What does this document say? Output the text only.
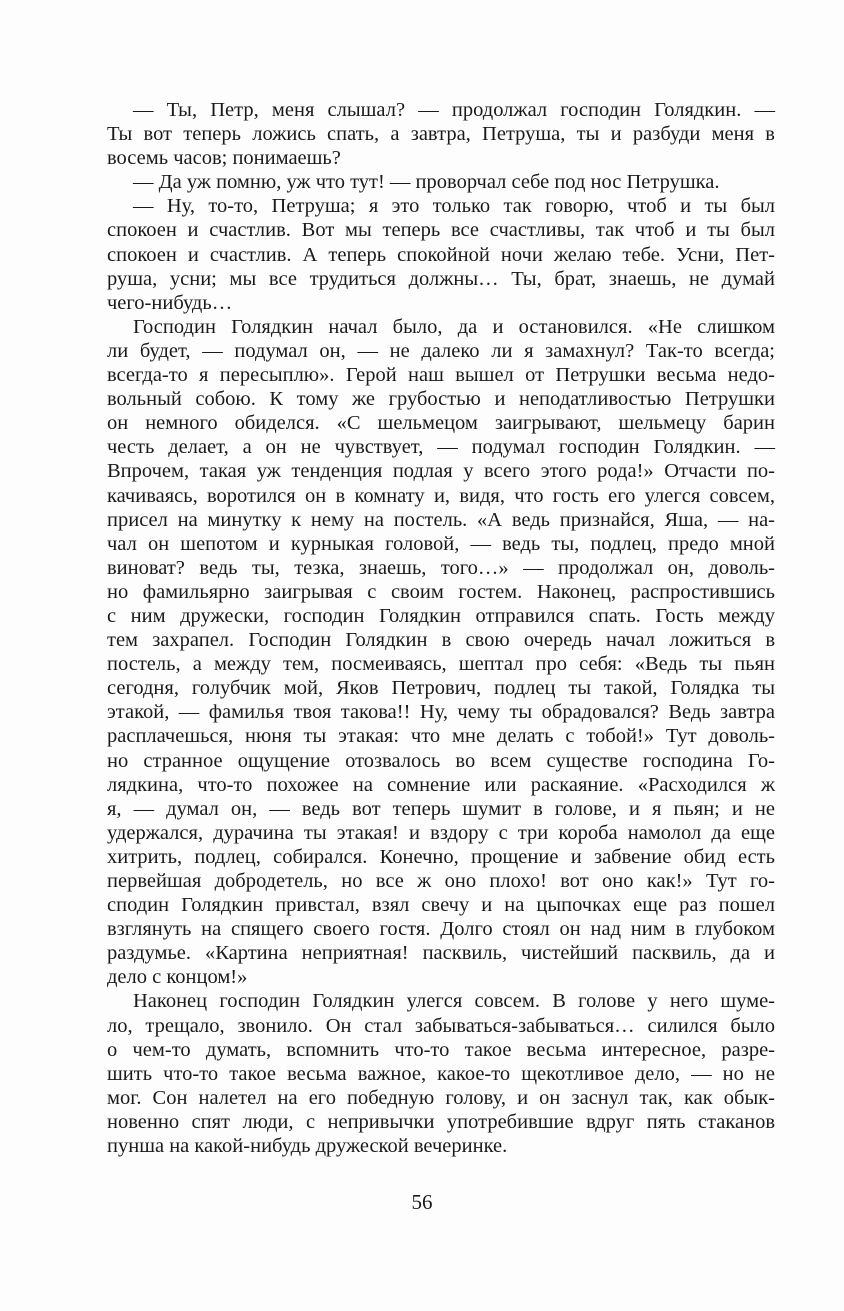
— Ты, Петр, меня слышал? — продолжал господин Голядкин. —
Ты вот теперь ложись спать, а завтра, Петруша, ты и разбуди меня в
восемь часов; понимаешь?
— Да уж помню, уж что тут! — проворчал себе под нос Петрушка.
— Ну, то-то, Петруша; я это только так говорю, чтоб и ты был
спокоен и счастлив. Вот мы теперь все счастливы, так чтоб и ты был
спокоен и счастлив. А теперь спокойной ночи желаю тебе. Усни, Пет-
руша, усни; мы все трудиться должны… Ты, брат, знаешь, не думай
чего-нибудь…
Господин Голядкин начал было, да и остановился. «Не слишком
ли будет, — подумал он, — не далеко ли я замахнул? Так-то всегда;
всегда-то я пересыплю». Герой наш вышел от Петрушки весьма недо-
вольный собою. К тому же грубостью и неподатливостью Петрушки
он немного обиделся. «С шельмецом заигрывают, шельмецу барин
честь делает, а он не чувствует, — подумал господин Голядкин. —
Впрочем, такая уж тенденция подлая у всего этого рода!» Отчасти по-
качиваясь, воротился он в комнату и, видя, что гость его улегся совсем,
присел на минутку к нему на постель. «А ведь признайся, Яша, — на-
чал он шепотом и курныкая головой, — ведь ты, подлец, предо мной
виноват? ведь ты, тезка, знаешь, того…» — продолжал он, доволь-
но фамильярно заигрывая с своим гостем. Наконец, распростившись
с ним дружески, господин Голядкин отправился спать. Гость между
тем захрапел. Господин Голядкин в свою очередь начал ложиться в
постель, а между тем, посмеиваясь, шептал про себя: «Ведь ты пьян
сегодня, голубчик мой, Яков Петрович, подлец ты такой, Голядка ты
этакой, — фамилья твоя такова!! Ну, чему ты обрадовался? Ведь завтра
расплачешься, нюня ты этакая: что мне делать с тобой!» Тут доволь-
но странное ощущение отозвалось во всем существе господина Го-
лядкина, что-то похожее на сомнение или раскаяние. «Расходился ж
я, — думал он, — ведь вот теперь шумит в голове, и я пьян; и не
удержался, дурачина ты этакая! и вздору с три короба намолол да еще
хитрить, подлец, собирался. Конечно, прощение и забвение обид есть
первейшая добродетель, но все ж оно плохо! вот оно как!» Тут го-
сподин Голядкин привстал, взял свечу и на цыпочках еще раз пошел
взглянуть на спящего своего гостя. Долго стоял он над ним в глубоком
раздумье. «Картина неприятная! пасквиль, чистейший пасквиль, да и
дело с концом!»
Наконец господин Голядкин улегся совсем. В голове у него шуме-
ло, трещало, звонило. Он стал забываться-забываться… силился было
о чем-то думать, вспомнить что-то такое весьма интересное, разре-
шить что-то такое весьма важное, какое-то щекотливое дело, — но не
мог. Сон налетел на его победную голову, и он заснул так, как обык-
новенно спят люди, с непривычки употребившие вдруг пять стаканов
пунша на какой-нибудь дружеской вечеринке.
56
